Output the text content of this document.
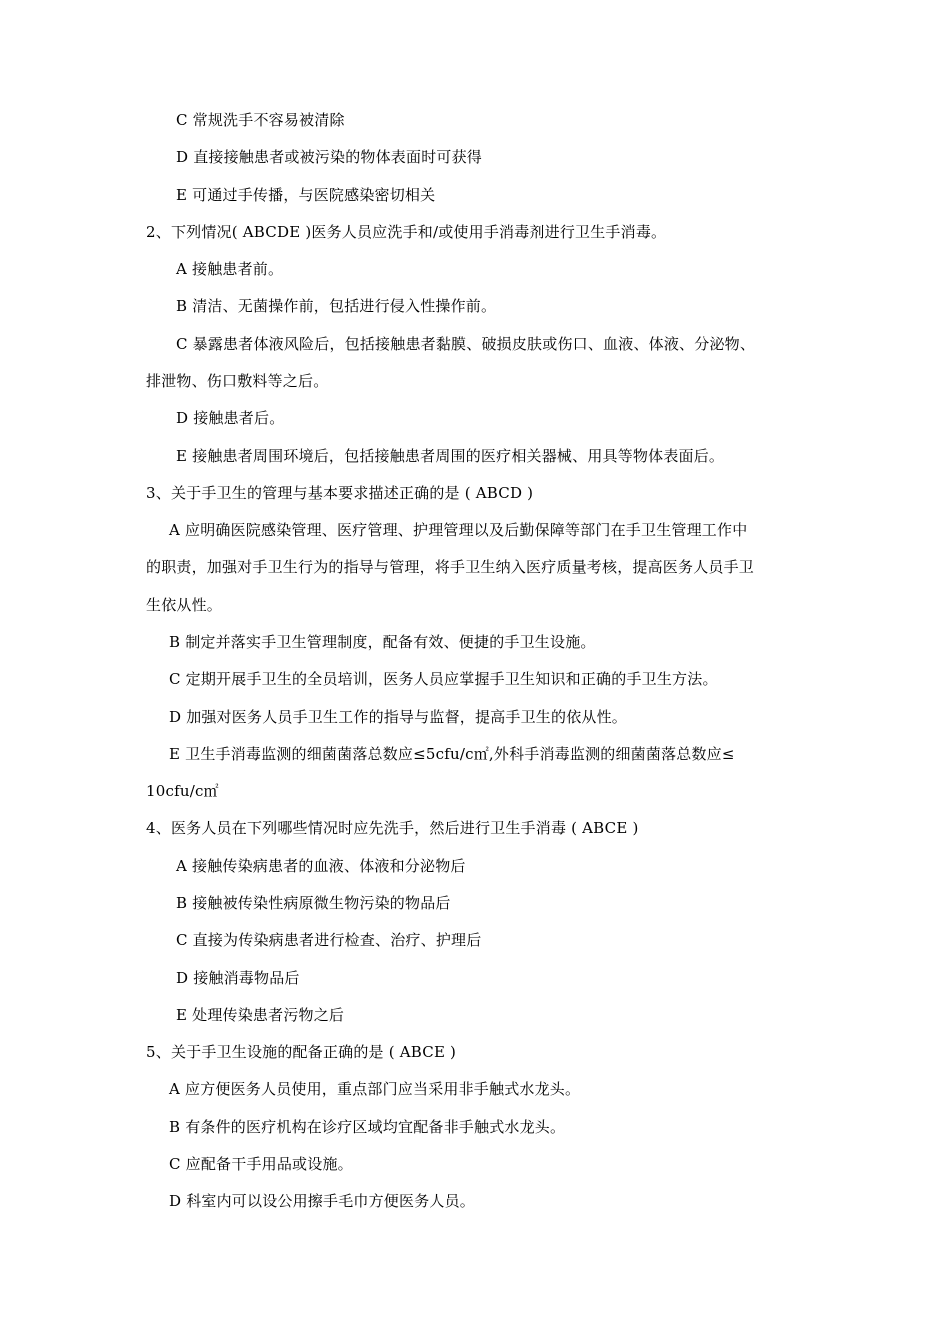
C 常规洗手不容易被清除
D 直接接触患者或被污染的物体表面时可获得
E 可通过手传播，与医院感染密切相关
2、下列情况( ABCDE )医务人员应洗手和/或使用手消毒剂进行卫生手消毒。
A 接触患者前。
B 清洁、无菌操作前，包括进行侵入性操作前。
C 暴露患者体液风险后，包括接触患者黏膜、破损皮肤或伤口、血液、体液、分泌物、
排泄物、伤口敷料等之后。
D 接触患者后。
E 接触患者周围环境后，包括接触患者周围的医疗相关器械、用具等物体表面后。
3、关于手卫生的管理与基本要求描述正确的是 ( ABCD )
A 应明确医院感染管理、医疗管理、护理管理以及后勤保障等部门在手卫生管理工作中
的职责，加强对手卫生行为的指导与管理，将手卫生纳入医疗质量考核，提高医务人员手卫
生依从性。
B 制定并落实手卫生管理制度，配备有效、便捷的手卫生设施。
C 定期开展手卫生的全员培训，医务人员应掌握手卫生知识和正确的手卫生方法。
D 加强对医务人员手卫生工作的指导与监督，提高手卫生的依从性。
E 卫生手消毒监测的细菌菌落总数应≤5cfu/c㎡,外科手消毒监测的细菌菌落总数应≤
10cfu/c㎡
4、医务人员在下列哪些情况时应先洗手，然后进行卫生手消毒 ( ABCE )
A 接触传染病患者的血液、体液和分泌物后
B 接触被传染性病原微生物污染的物品后
C 直接为传染病患者进行检查、治疗、护理后
D 接触消毒物品后
E 处理传染患者污物之后
5、关于手卫生设施的配备正确的是 ( ABCE )
A 应方便医务人员使用，重点部门应当采用非手触式水龙头。
B 有条件的医疗机构在诊疗区域均宜配备非手触式水龙头。
C 应配备干手用品或设施。
D 科室内可以设公用擦手毛巾方便医务人员。
